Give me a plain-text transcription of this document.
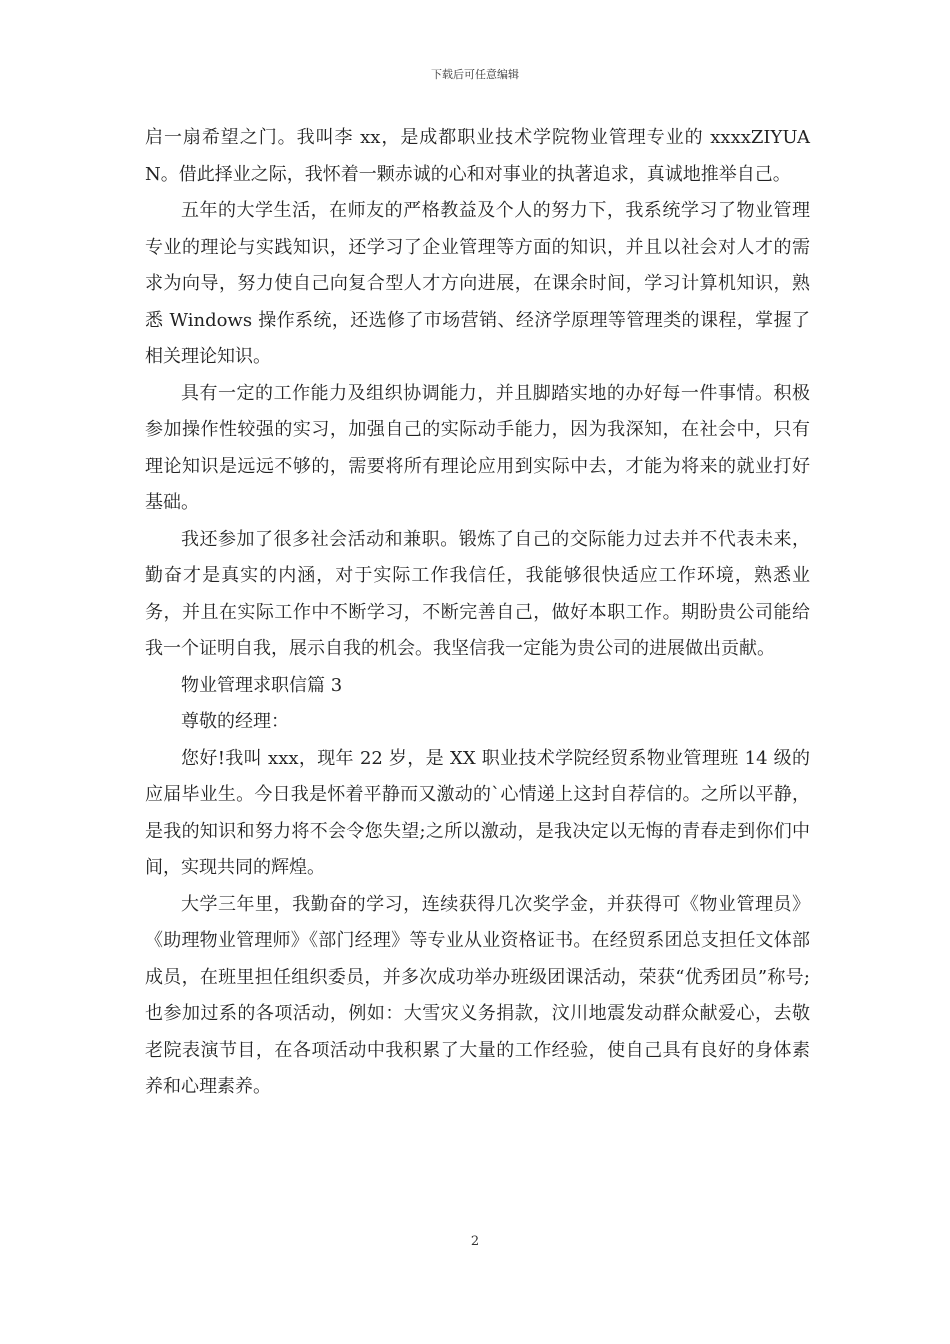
下载后可任意编辑

启一扇希望之门。我叫李 xx，是成都职业技术学院物业管理专业的 xxxxZIYUAN。借此择业之际，我怀着一颗赤诚的心和对事业的执著追求，真诚地推举自己。

五年的大学生活，在师友的严格教益及个人的努力下，我系统学习了物业管理专业的理论与实践知识，还学习了企业管理等方面的知识，并且以社会对人才的需求为向导，努力使自己向复合型人才方向进展，在课余时间，学习计算机知识，熟悉 Windows 操作系统，还选修了市场营销、经济学原理等管理类的课程，掌握了相关理论知识。

具有一定的工作能力及组织协调能力，并且脚踏实地的办好每一件事情。积极参加操作性较强的实习，加强自己的实际动手能力，因为我深知，在社会中，只有理论知识是远远不够的，需要将所有理论应用到实际中去，才能为将来的就业打好基础。

我还参加了很多社会活动和兼职。锻炼了自己的交际能力过去并不代表未来，勤奋才是真实的内涵，对于实际工作我信任，我能够很快适应工作环境，熟悉业务，并且在实际工作中不断学习，不断完善自己，做好本职工作。期盼贵公司能给我一个证明自我，展示自我的机会。我坚信我一定能为贵公司的进展做出贡献。

物业管理求职信篇 3

尊敬的经理：

您好!我叫 xxx，现年 22 岁，是 XX 职业技术学院经贸系物业管理班 14 级的应届毕业生。今日我是怀着平静而又激动的`心情递上这封自荐信的。之所以平静，是我的知识和努力将不会令您失望;之所以激动，是我决定以无悔的青春走到你们中间，实现共同的辉煌。

大学三年里，我勤奋的学习，连续获得几次奖学金，并获得可《物业管理员》《助理物业管理师》《部门经理》等专业从业资格证书。在经贸系团总支担任文体部成员，在班里担任组织委员，并多次成功举办班级团课活动，荣获“优秀团员”称号;也参加过系的各项活动，例如：大雪灾义务捐款，汶川地震发动群众献爱心，去敬老院表演节目，在各项活动中我积累了大量的工作经验，使自己具有良好的身体素养和心理素养。

2
